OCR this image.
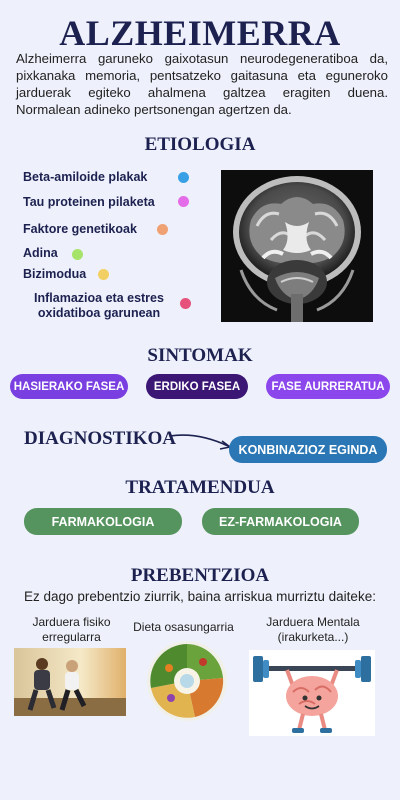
ALZHEIMERRA
Alzheimerra garuneko gaixotasun neurodegeneratiboa da, pixkanaka memoria, pentsatzeko gaitasuna eta eguneroko jarduerak egiteko ahalmena galtzea eragiten duena. Normalean adineko pertsonengan agertzen da.
ETIOLOGIA
Beta-amiloide plakak
Tau proteinen pilaketa
Faktore genetikoak
Adina
Bizimodua
Inflamazioa eta estres oxidatiboa garunean
SINTOMAK
HASIERAKO FASEA	ERDIKO FASEA	FASE AURRERATUA
DIAGNOSTIKOA
KONBINAZIOZ EGINDA
TRATAMENDUA
FARMAKOLOGIA	EZ-FARMAKOLOGIA
PREBENTZIOA
Ez dago prebentzio ziurrik, baina arriskua murriztu daiteke:
Jarduera fisiko
erregularra
Dieta osasungarria	Jarduera Mentala
(irakurketa...)
